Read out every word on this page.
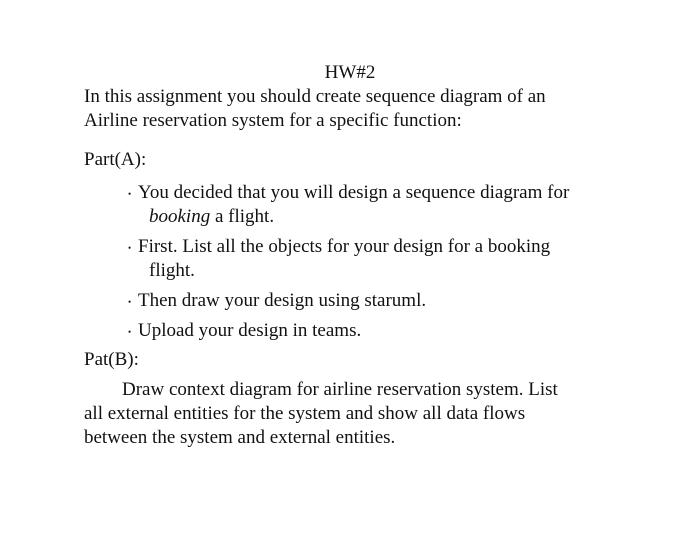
HW#2
In this assignment you should create sequence diagram of an
Airline reservation system for a specific function:
Part(A):
• You decided that you will design a sequence diagram for
booking a flight.
• First. List all the objects for your design for a booking
flight.
• Then draw your design using staruml.
• Upload your design in teams.
Pat(B):
Draw context diagram for airline reservation system. List
all external entities for the system and show all data flows
between the system and external entities.
